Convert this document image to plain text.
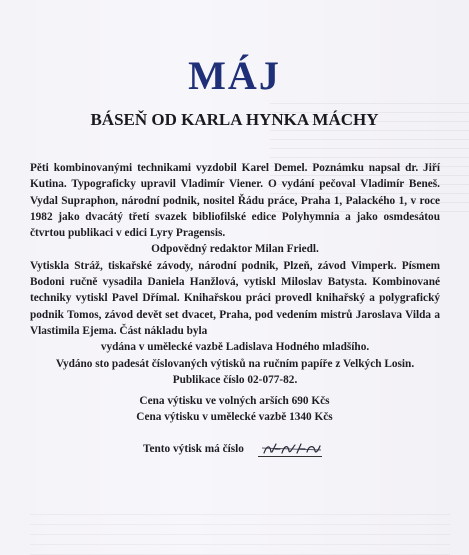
MÁJ
BÁSEŇ OD KARLA HYNKA MÁCHY

Pěti kombinovanými technikami vyzdobil Karel Demel. Poznámku napsal dr. Jiří Kutina. Typograficky upravil Vladimír Viener. O vydání pečoval Vladimír Beneš. Vydal Supraphon, národní podnik, nositel Řádu práce, Praha 1, Palackého 1, v roce 1982 jako dvacátý třetí svazek bibliofilské edice Polyhymnia a jako osmdesátou čtvrtou publikaci v edici Lyry Pragensis.

Odpovědný redaktor Milan Friedl.

Vytiskla Stráž, tiskařské závody, národní podnik, Plzeň, závod Vimperk. Písmem Bodoni ručně vysadila Daniela Hanžlová, vytiskl Miloslav Batysta. Kombinované techniky vytiskl Pavel Dřímal. Knihařskou práci provedl knihařský a polygrafický podnik Tomos, závod devět set dvacet, Praha, pod vedením mistrů Jaroslava Vilda a Vlastimila Ejema. Část nákladu byla

vydána v umělecké vazbě Ladislava Hodného mladšího.

Vydáno sto padesát číslovaných výtisků na ručním papíře z Velkých Losin.

Publikace číslo 02-077-82.

Cena výtisku ve volných arších 690 Kčs
Cena výtisku v umělecké vazbě 1340 Kčs
Tento výtisk má číslo
